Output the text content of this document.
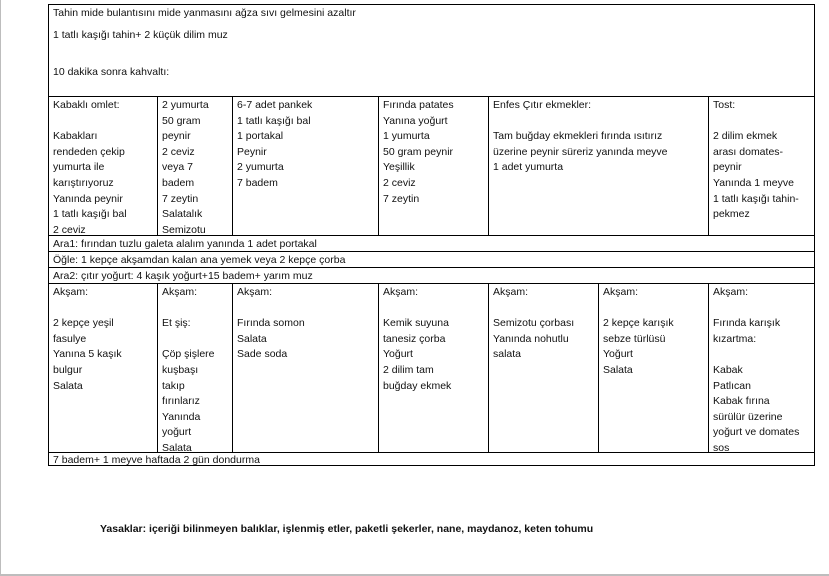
Tahin mide bulantısını mide yanmasını ağza sıvı gelmesini azaltır
1 tatlı kaşığı tahin+ 2 küçük dilim muz
10 dakika sonra kahvaltı:
Kabaklı omlet:
Kabakları
rendeden çekip
yumurta ile
karıştırıyoruz
Yanında peynir
1 tatlı kaşığı bal
2 ceviz
2 yumurta
50 gram
peynir
2 ceviz
veya 7
badem
7 zeytin
Salatalık
Semizotu
6-7 adet pankek
1 tatlı kaşığı bal
1 portakal
Peynir
2 yumurta
7 badem
Fırında patates
Yanına yoğurt
1 yumurta
50 gram peynir
Yeşillik
2 ceviz
7 zeytin
Enfes Çıtır ekmekler:
Tam buğday ekmekleri fırında ısıtırız
üzerine peynir süreriz yanında meyve
1 adet yumurta
Tost:
2 dilim ekmek
arası domates-
peynir
Yanında 1 meyve
1 tatlı kaşığı tahin-
pekmez
Ara1: fırından tuzlu galeta alalım yanında 1 adet portakal
Öğle: 1 kepçe akşamdan kalan ana yemek veya 2 kepçe çorba
Ara2: çıtır yoğurt: 4 kaşık yoğurt+15 badem+ yarım muz
Akşam:
2 kepçe yeşil
fasulye
Yanına 5 kaşık
bulgur
Salata
Akşam:
Et şiş:
Çöp şişlere
kuşbaşı
takıp
fırınlarız
Yanında
yoğurt
Salata
Akşam:
Fırında somon
Salata
Sade soda
Akşam:
Kemik suyuna
tanesiz çorba
Yoğurt
2 dilim tam
buğday ekmek
Akşam:
Semizotu çorbası
Yanında nohutlu
salata
Akşam:
2 kepçe karışık
sebze türlüsü
Yoğurt
Salata
Akşam:
Fırında karışık
kızartma:
Kabak
Patlıcan
Kabak fırına
sürülür üzerine
yoğurt ve domates
sos
7 badem+ 1 meyve haftada 2 gün dondurma
Yasaklar: içeriği bilinmeyen balıklar, işlenmiş etler, paketli şekerler, nane, maydanoz, keten tohumu
